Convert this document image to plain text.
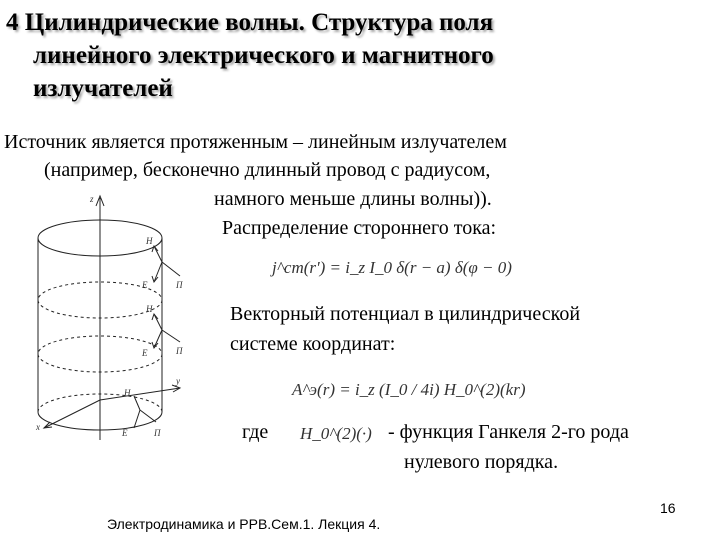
4 Цилиндрические волны. Структура поля
линейного электрического и магнитного
излучателей
Источник является протяженным – линейным излучателем
(например, бесконечно длинный провод с радиусом,
намного меньше длины волны)).
Распределение стороннего тока:
Векторный потенциал в цилиндрической
системе координат:
где	- функция Ганкеля 2-го рода
нулевого порядка.
j^cm(r') = i_z I_0 δ(r − a) δ(φ − 0)
A^э(r) = i_z (I_0 / 4i) H_0^(2)(kr)
H_0^(2)(·)
z
y
x
H
E	П
H
E	П
H
E	П
Электродинамика и РРВ.Сем.1. Лекция 4.
16
